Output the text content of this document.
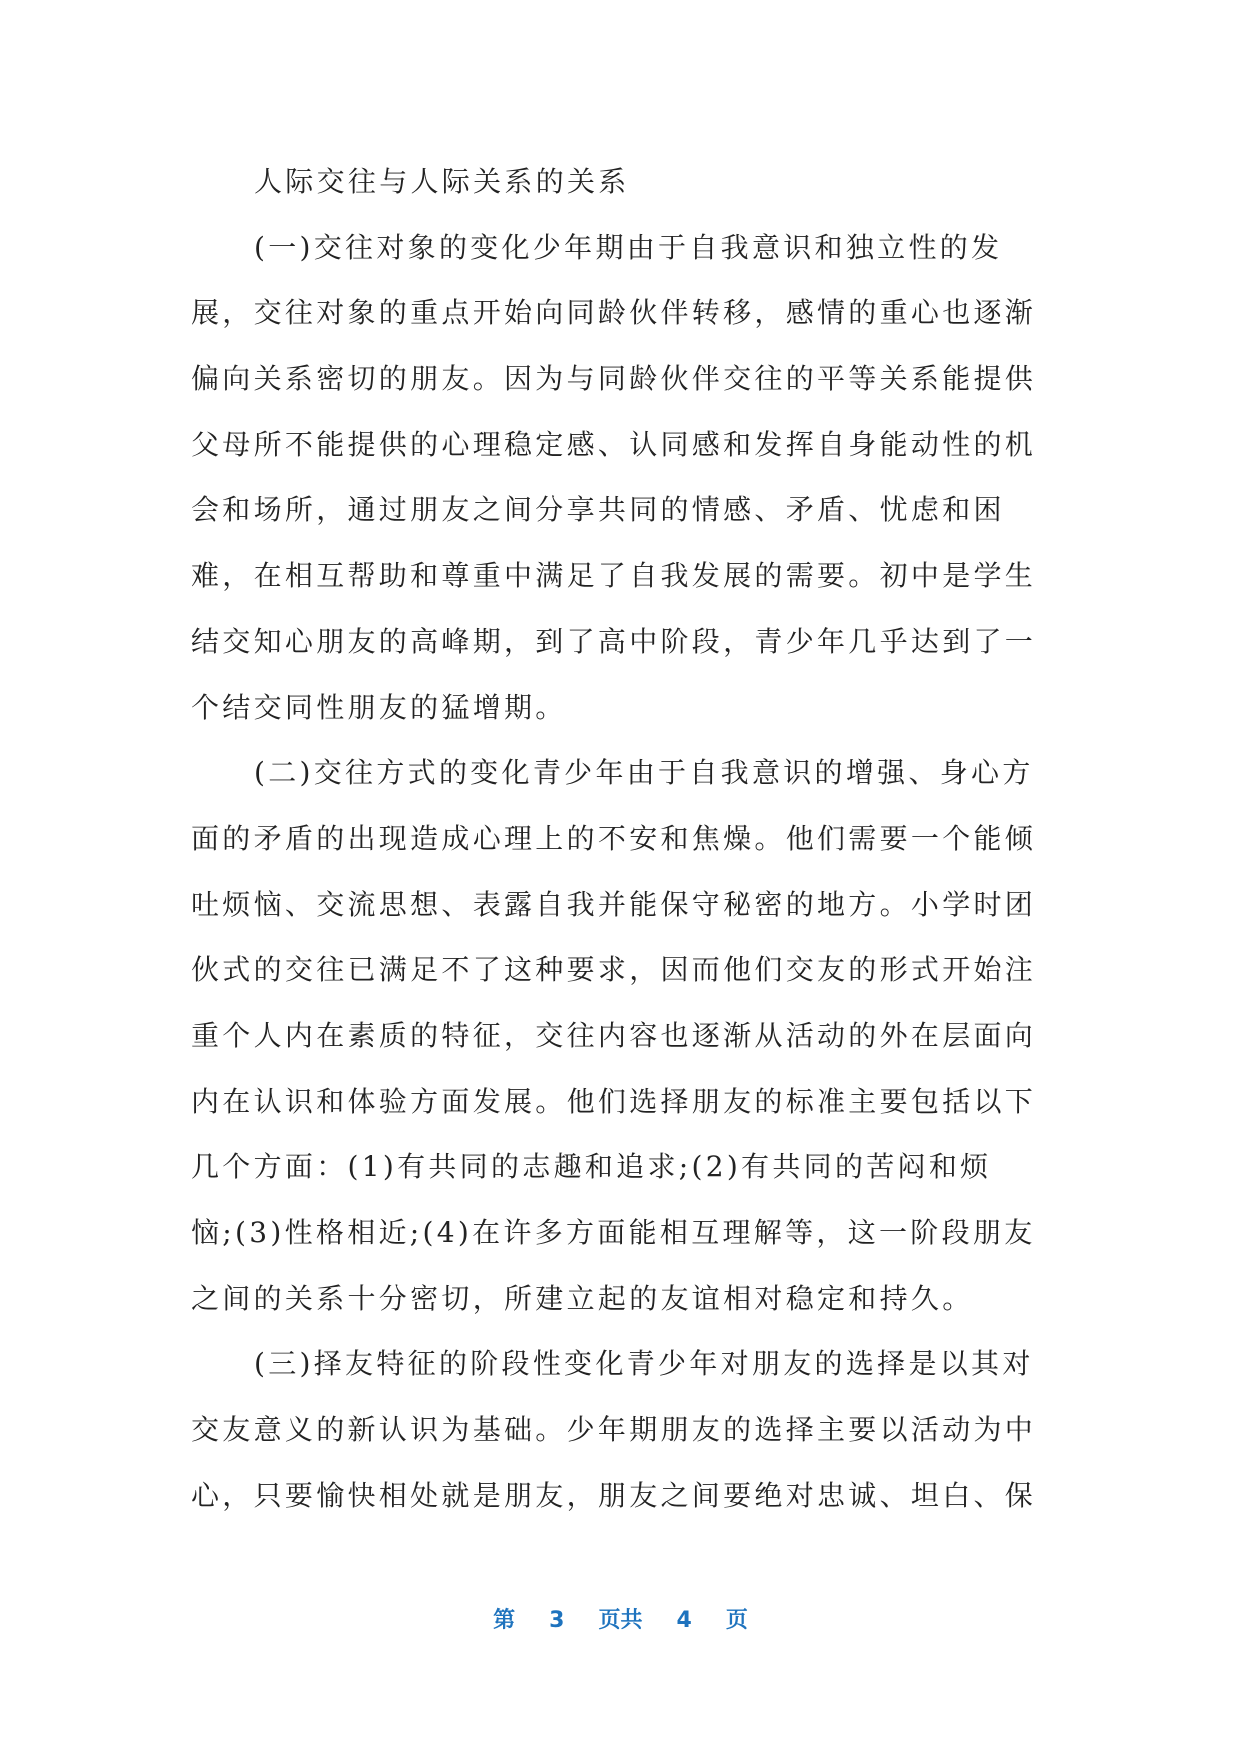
人际交往与人际关系的关系
(一)交往对象的变化少年期由于自我意识和独立性的发
展，交往对象的重点开始向同龄伙伴转移，感情的重心也逐渐
偏向关系密切的朋友。因为与同龄伙伴交往的平等关系能提供
父母所不能提供的心理稳定感、认同感和发挥自身能动性的机
会和场所，通过朋友之间分享共同的情感、矛盾、忧虑和困
难，在相互帮助和尊重中满足了自我发展的需要。初中是学生
结交知心朋友的高峰期，到了高中阶段，青少年几乎达到了一
个结交同性朋友的猛增期。
(二)交往方式的变化青少年由于自我意识的增强、身心方
面的矛盾的出现造成心理上的不安和焦燥。他们需要一个能倾
吐烦恼、交流思想、表露自我并能保守秘密的地方。小学时团
伙式的交往已满足不了这种要求，因而他们交友的形式开始注
重个人内在素质的特征，交往内容也逐渐从活动的外在层面向
内在认识和体验方面发展。他们选择朋友的标准主要包括以下
几个方面：(1)有共同的志趣和追求;(2)有共同的苦闷和烦
恼;(3)性格相近;(4)在许多方面能相互理解等，这一阶段朋友
之间的关系十分密切，所建立起的友谊相对稳定和持久。
(三)择友特征的阶段性变化青少年对朋友的选择是以其对
交友意义的新认识为基础。少年期朋友的选择主要以活动为中
心，只要愉快相处就是朋友，朋友之间要绝对忠诚、坦白、保
第 3 页共 4 页
